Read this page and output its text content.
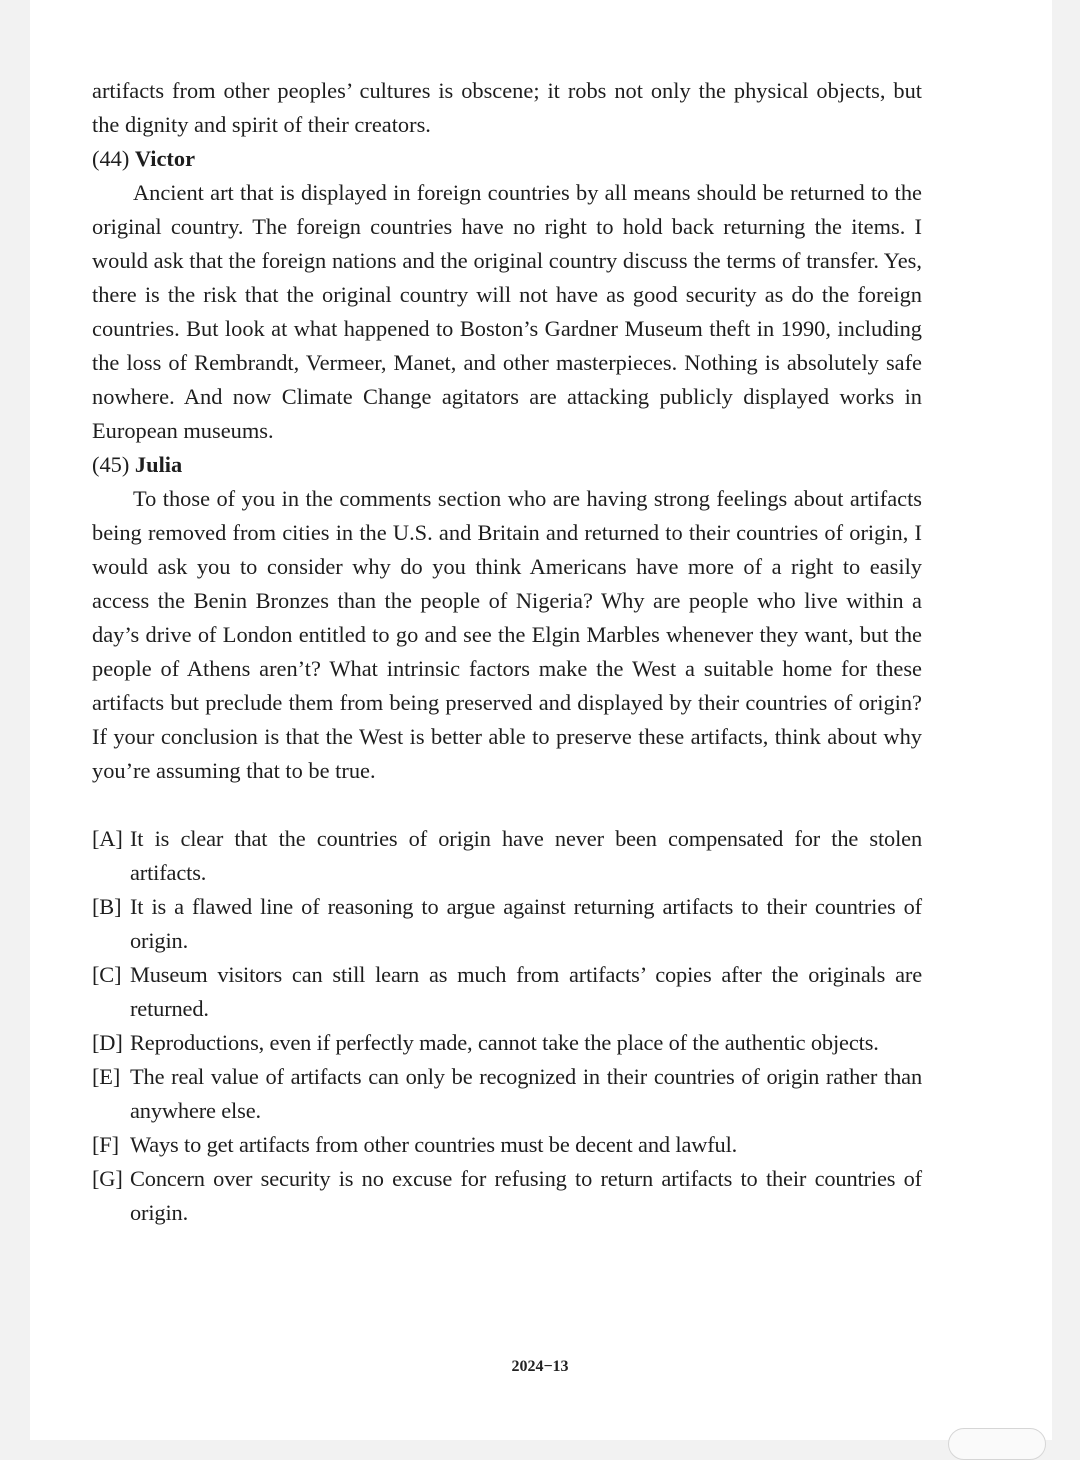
artifacts from other peoples’ cultures is obscene; it robs not only the physical objects, but the dignity and spirit of their creators.

(44) Victor

Ancient art that is displayed in foreign countries by all means should be returned to the original country. The foreign countries have no right to hold back returning the items. I would ask that the foreign nations and the original country discuss the terms of transfer. Yes, there is the risk that the original country will not have as good security as do the foreign countries. But look at what happened to Boston’s Gardner Museum theft in 1990, including the loss of Rembrandt, Vermeer, Manet, and other masterpieces. Nothing is absolutely safe nowhere. And now Climate Change agitators are attacking publicly displayed works in European museums.

(45) Julia

To those of you in the comments section who are having strong feelings about artifacts being removed from cities in the U.S. and Britain and returned to their countries of origin, I would ask you to consider why do you think Americans have more of a right to easily access the Benin Bronzes than the people of Nigeria? Why are people who live within a day’s drive of London entitled to go and see the Elgin Marbles whenever they want, but the people of Athens aren’t? What intrinsic factors make the West a suitable home for these artifacts but preclude them from being preserved and displayed by their countries of origin? If your conclusion is that the West is better able to preserve these artifacts, think about why you’re assuming that to be true.

[A] It is clear that the countries of origin have never been compensated for the stolen artifacts.
[B] It is a flawed line of reasoning to argue against returning artifacts to their countries of origin.
[C] Museum visitors can still learn as much from artifacts’ copies after the originals are returned.
[D] Reproductions, even if perfectly made, cannot take the place of the authentic objects.
[E] The real value of artifacts can only be recognized in their countries of origin rather than anywhere else.
[F] Ways to get artifacts from other countries must be decent and lawful.
[G] Concern over security is no excuse for refusing to return artifacts to their countries of origin.
2024−13
